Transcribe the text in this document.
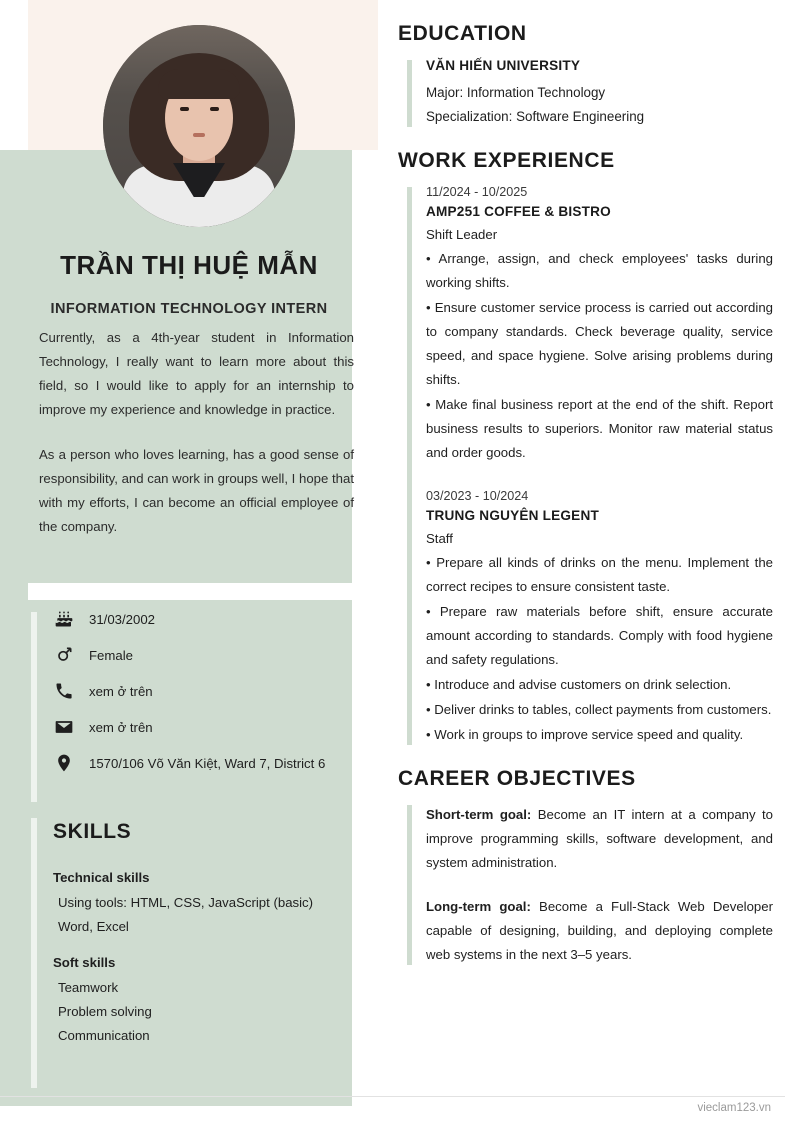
TRẦN THỊ HUỆ MẪN
INFORMATION TECHNOLOGY INTERN

Currently, as a 4th-year student in Information Technology, I really want to learn more about this field, so I would like to apply for an internship to improve my experience and knowledge in practice.

As a person who loves learning, has a good sense of responsibility, and can work in groups well, I hope that with my efforts, I can become an official employee of the company.

31/03/2002
Female
xem ở trên
xem ở trên
1570/106 Võ Văn Kiệt, Ward 7, District 6
SKILLS
Technical skills
Using tools: HTML, CSS, JavaScript (basic)
Word, Excel
Soft skills
Teamwork
Problem solving
Communication
EDUCATION
VĂN HIẾN UNIVERSITY
Major: Information Technology
Specialization: Software Engineering
WORK EXPERIENCE
11/2024 - 10/2025
AMP251 COFFEE & BISTRO
Shift Leader
• Arrange, assign, and check employees' tasks during working shifts.
• Ensure customer service process is carried out according to company standards. Check beverage quality, service speed, and space hygiene. Solve arising problems during shifts.
• Make final business report at the end of the shift. Report business results to superiors. Monitor raw material status and order goods.
03/2023 - 10/2024
TRUNG NGUYÊN LEGENT
Staff
• Prepare all kinds of drinks on the menu. Implement the correct recipes to ensure consistent taste.
• Prepare raw materials before shift, ensure accurate amount according to standards. Comply with food hygiene and safety regulations.
• Introduce and advise customers on drink selection.
• Deliver drinks to tables, collect payments from customers.
• Work in groups to improve service speed and quality.
CAREER OBJECTIVES
Short-term goal: Become an IT intern at a company to improve programming skills, software development, and system administration.
Long-term goal: Become a Full-Stack Web Developer capable of designing, building, and deploying complete web systems in the next 3–5 years.
vieclam123.vn
